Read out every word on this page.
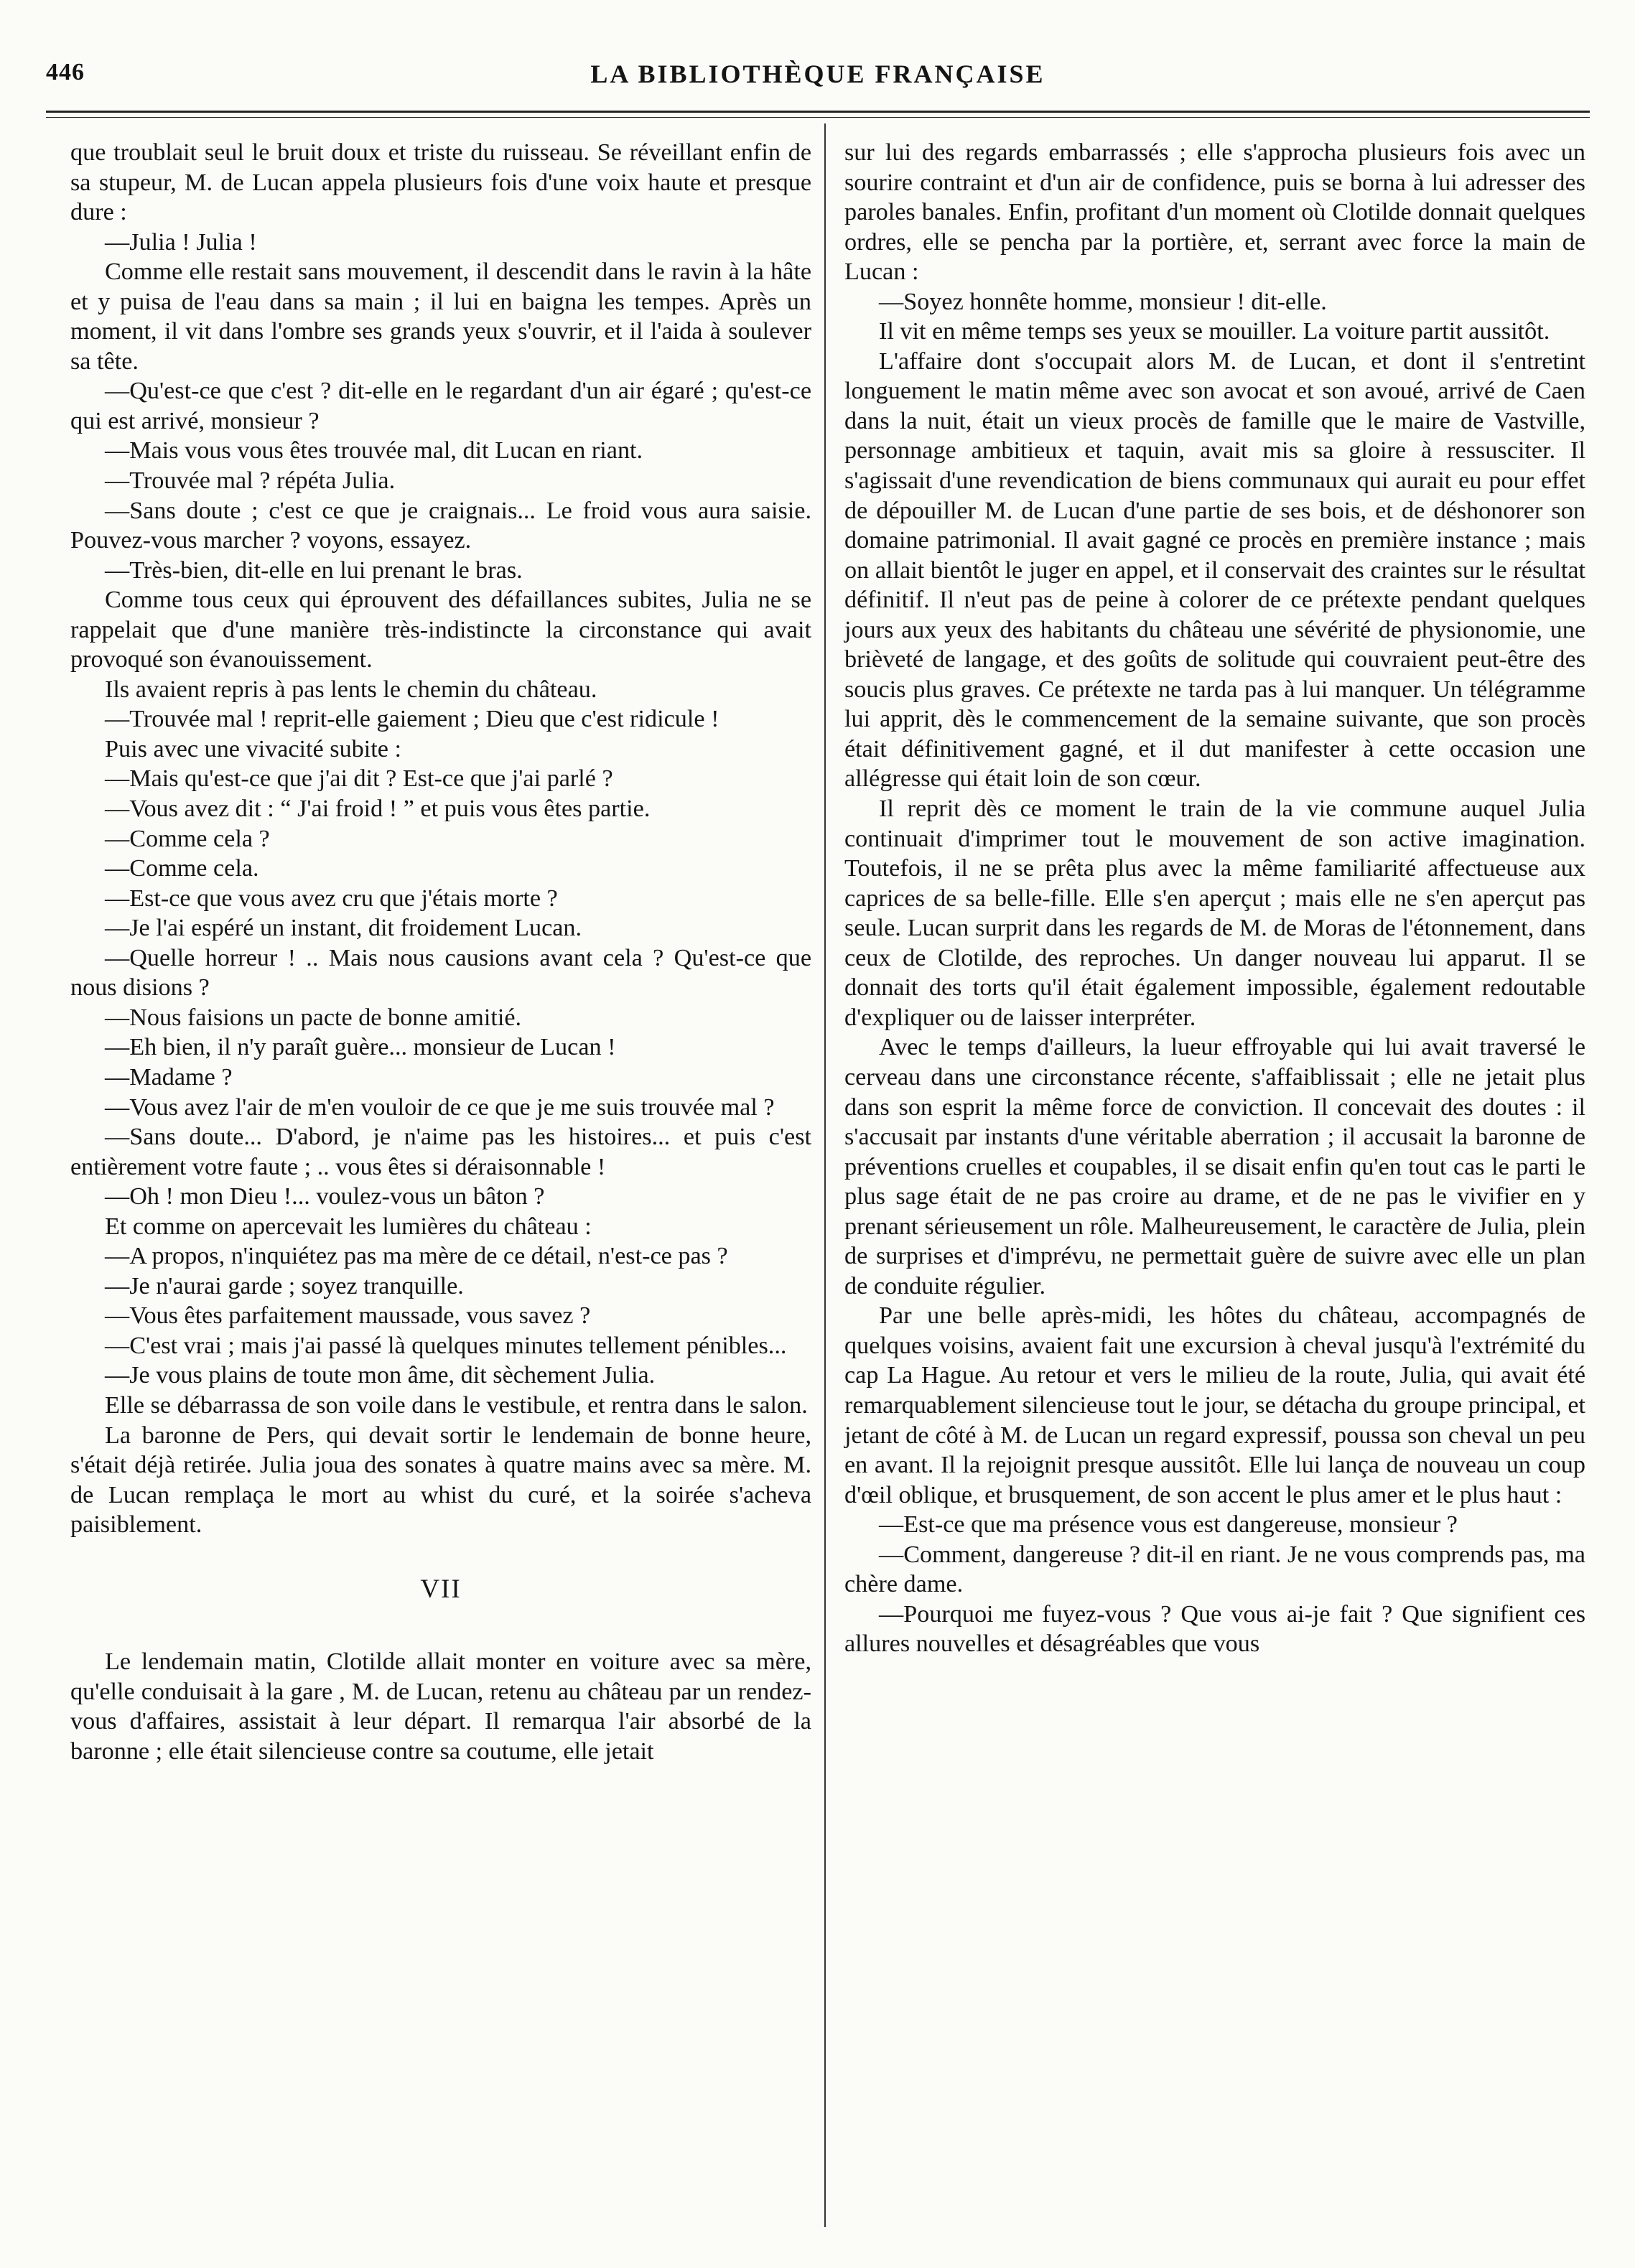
446	LA BIBLIOTHÈQUE FRANÇAISE

que troublait seul le bruit doux et triste du ruisseau. Se réveillant enfin de sa stupeur, M. de Lucan appela plusieurs fois d'une voix haute et presque dure :

—Julia ! Julia !

Comme elle restait sans mouvement, il descendit dans le ravin à la hâte et y puisa de l'eau dans sa main ; il lui en baigna les tempes. Après un moment, il vit dans l'ombre ses grands yeux s'ouvrir, et il l'aida à soulever sa tête.

—Qu'est-ce que c'est ? dit-elle en le regardant d'un air égaré ; qu'est-ce qui est arrivé, monsieur ?

—Mais vous vous êtes trouvée mal, dit Lucan en riant.

—Trouvée mal ? répéta Julia.

—Sans doute ; c'est ce que je craignais... Le froid vous aura saisie. Pouvez-vous marcher ? voyons, essayez.

—Très-bien, dit-elle en lui prenant le bras.

Comme tous ceux qui éprouvent des défaillances subites, Julia ne se rappelait que d'une manière très-indistincte la circonstance qui avait provoqué son évanouissement.

Ils avaient repris à pas lents le chemin du château.

—Trouvée mal ! reprit-elle gaiement ; Dieu que c'est ridicule !

Puis avec une vivacité subite :

—Mais qu'est-ce que j'ai dit ? Est-ce que j'ai parlé ?

—Vous avez dit : “ J'ai froid ! ” et puis vous êtes partie.

—Comme cela ?

—Comme cela.

—Est-ce que vous avez cru que j'étais morte ?

—Je l'ai espéré un instant, dit froidement Lucan.

—Quelle horreur ! .. Mais nous causions avant cela ? Qu'est-ce que nous disions ?

—Nous faisions un pacte de bonne amitié.

—Eh bien, il n'y paraît guère... monsieur de Lucan !

—Madame ?

—Vous avez l'air de m'en vouloir de ce que je me suis trouvée mal ?

—Sans doute... D'abord, je n'aime pas les histoires... et puis c'est entièrement votre faute ; .. vous êtes si déraisonnable !

—Oh ! mon Dieu !... voulez-vous un bâton ?

Et comme on apercevait les lumières du château :

—A propos, n'inquiétez pas ma mère de ce détail, n'est-ce pas ?

—Je n'aurai garde ; soyez tranquille.

—Vous êtes parfaitement maussade, vous savez ?

—C'est vrai ; mais j'ai passé là quelques minutes tellement pénibles...

—Je vous plains de toute mon âme, dit sèchement Julia.

Elle se débarrassa de son voile dans le vestibule, et rentra dans le salon.

La baronne de Pers, qui devait sortir le lendemain de bonne heure, s'était déjà retirée. Julia joua des sonates à quatre mains avec sa mère. M. de Lucan remplaça le mort au whist du curé, et la soirée s'acheva paisiblement.

VII

Le lendemain matin, Clotilde allait monter en voiture avec sa mère, qu'elle conduisait à la gare , M. de Lucan, retenu au château par un rendez-vous d'affaires, assistait à leur départ. Il remarqua l'air absorbé de la baronne ; elle était silencieuse contre sa coutume, elle jetait

sur lui des regards embarrassés ; elle s'approcha plusieurs fois avec un sourire contraint et d'un air de confidence, puis se borna à lui adresser des paroles banales. Enfin, profitant d'un moment où Clotilde donnait quelques ordres, elle se pencha par la portière, et, serrant avec force la main de Lucan :

—Soyez honnête homme, monsieur ! dit-elle.

Il vit en même temps ses yeux se mouiller. La voiture partit aussitôt.

L'affaire dont s'occupait alors M. de Lucan, et dont il s'entretint longuement le matin même avec son avocat et son avoué, arrivé de Caen dans la nuit, était un vieux procès de famille que le maire de Vastville, personnage ambitieux et taquin, avait mis sa gloire à ressusciter. Il s'agissait d'une revendication de biens communaux qui aurait eu pour effet de dépouiller M. de Lucan d'une partie de ses bois, et de déshonorer son domaine patrimonial. Il avait gagné ce procès en première instance ; mais on allait bientôt le juger en appel, et il conservait des craintes sur le résultat définitif. Il n'eut pas de peine à colorer de ce prétexte pendant quelques jours aux yeux des habitants du château une sévérité de physionomie, une brièveté de langage, et des goûts de solitude qui couvraient peut-être des soucis plus graves. Ce prétexte ne tarda pas à lui manquer. Un télégramme lui apprit, dès le commencement de la semaine suivante, que son procès était définitivement gagné, et il dut manifester à cette occasion une allégresse qui était loin de son cœur.

Il reprit dès ce moment le train de la vie commune auquel Julia continuait d'imprimer tout le mouvement de son active imagination. Toutefois, il ne se prêta plus avec la même familiarité affectueuse aux caprices de sa belle-fille. Elle s'en aperçut ; mais elle ne s'en aperçut pas seule. Lucan surprit dans les regards de M. de Moras de l'étonnement, dans ceux de Clotilde, des reproches. Un danger nouveau lui apparut. Il se donnait des torts qu'il était également impossible, également redoutable d'expliquer ou de laisser interpréter.

Avec le temps d'ailleurs, la lueur effroyable qui lui avait traversé le cerveau dans une circonstance récente, s'affaiblissait ; elle ne jetait plus dans son esprit la même force de conviction. Il concevait des doutes : il s'accusait par instants d'une véritable aberration ; il accusait la baronne de préventions cruelles et coupables, il se disait enfin qu'en tout cas le parti le plus sage était de ne pas croire au drame, et de ne pas le vivifier en y prenant sérieusement un rôle. Malheureusement, le caractère de Julia, plein de surprises et d'imprévu, ne permettait guère de suivre avec elle un plan de conduite régulier.

Par une belle après-midi, les hôtes du château, accompagnés de quelques voisins, avaient fait une excursion à cheval jusqu'à l'extrémité du cap La Hague. Au retour et vers le milieu de la route, Julia, qui avait été remarquablement silencieuse tout le jour, se détacha du groupe principal, et jetant de côté à M. de Lucan un regard expressif, poussa son cheval un peu en avant. Il la rejoignit presque aussitôt. Elle lui lança de nouveau un coup d'œil oblique, et brusquement, de son accent le plus amer et le plus haut :

—Est-ce que ma présence vous est dangereuse, monsieur ?

—Comment, dangereuse ? dit-il en riant. Je ne vous comprends pas, ma chère dame.

—Pourquoi me fuyez-vous ? Que vous ai-je fait ? Que signifient ces allures nouvelles et désagréables que vous
